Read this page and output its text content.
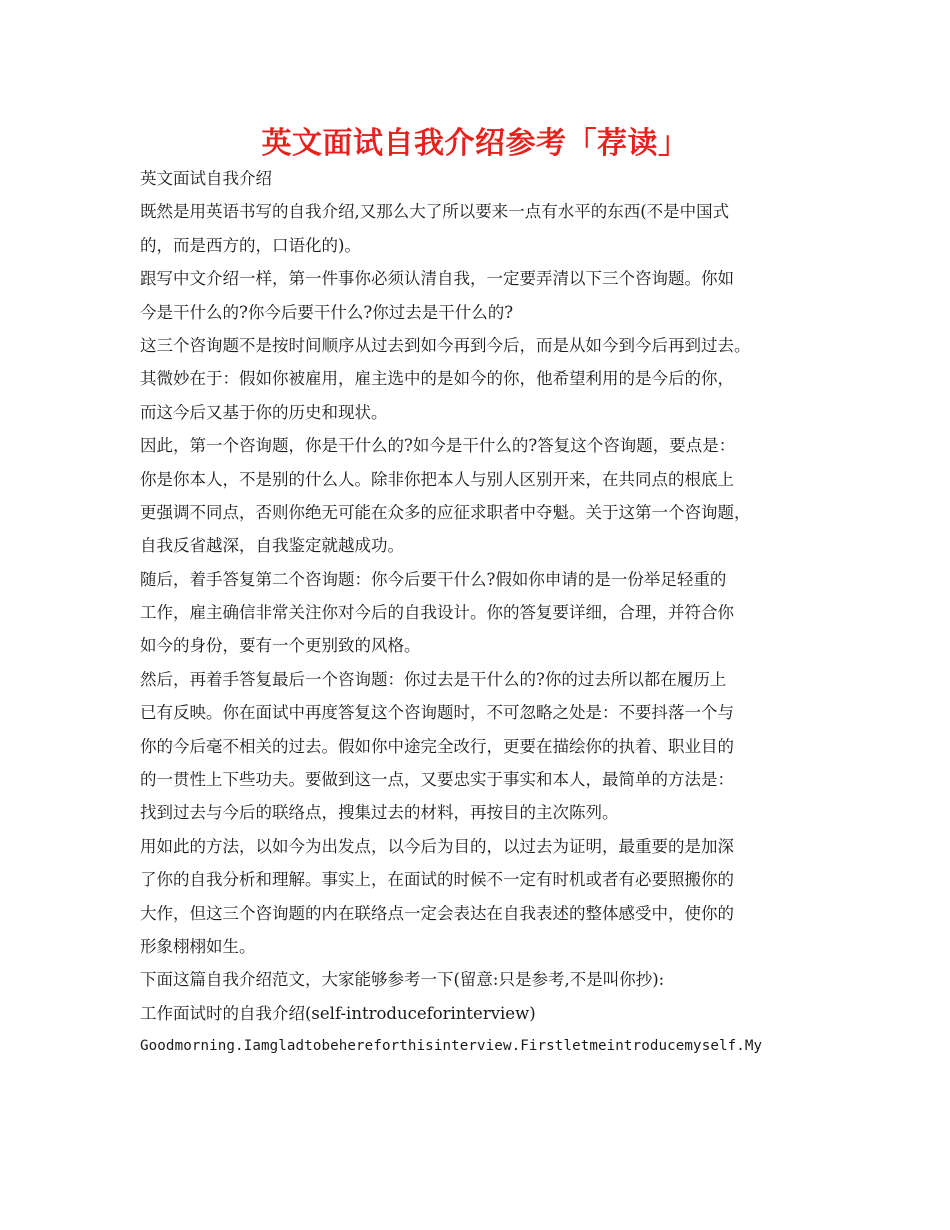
英文面试自我介绍参考「荐读」
英文面试自我介绍
既然是用英语书写的自我介绍,又那么大了所以要来一点有水平的东西(不是中国式
的，而是西方的，口语化的)。
跟写中文介绍一样，第一件事你必须认清自我，一定要弄清以下三个咨询题。你如
今是干什么的?你今后要干什么?你过去是干什么的?
这三个咨询题不是按时间顺序从过去到如今再到今后，而是从如今到今后再到过去。
其微妙在于：假如你被雇用，雇主选中的是如今的你，他希望利用的是今后的你，
而这今后又基于你的历史和现状。
因此，第一个咨询题，你是干什么的?如今是干什么的?答复这个咨询题，要点是：
你是你本人，不是别的什么人。除非你把本人与别人区别开来，在共同点的根底上
更强调不同点，否则你绝无可能在众多的应征求职者中夺魁。关于这第一个咨询题，
自我反省越深，自我鉴定就越成功。
随后，着手答复第二个咨询题：你今后要干什么?假如你申请的是一份举足轻重的
工作，雇主确信非常关注你对今后的自我设计。你的答复要详细，合理，并符合你
如今的身份，要有一个更别致的风格。
然后，再着手答复最后一个咨询题：你过去是干什么的?你的过去所以都在履历上
已有反映。你在面试中再度答复这个咨询题时，不可忽略之处是：不要抖落一个与
你的今后毫不相关的过去。假如你中途完全改行，更要在描绘你的执着、职业目的
的一贯性上下些功夫。要做到这一点，又要忠实于事实和本人，最简单的方法是：
找到过去与今后的联络点，搜集过去的材料，再按目的主次陈列。
用如此的方法，以如今为出发点，以今后为目的，以过去为证明，最重要的是加深
了你的自我分析和理解。事实上，在面试的时候不一定有时机或者有必要照搬你的
大作，但这三个咨询题的内在联络点一定会表达在自我表述的整体感受中，使你的
形象栩栩如生。
下面这篇自我介绍范文，大家能够参考一下(留意:只是参考,不是叫你抄):
工作面试时的自我介绍(self-introduceforinterview)
Goodmorning.Iamgladtobehereforthisinterview.Firstletmeintroducemyself.My
